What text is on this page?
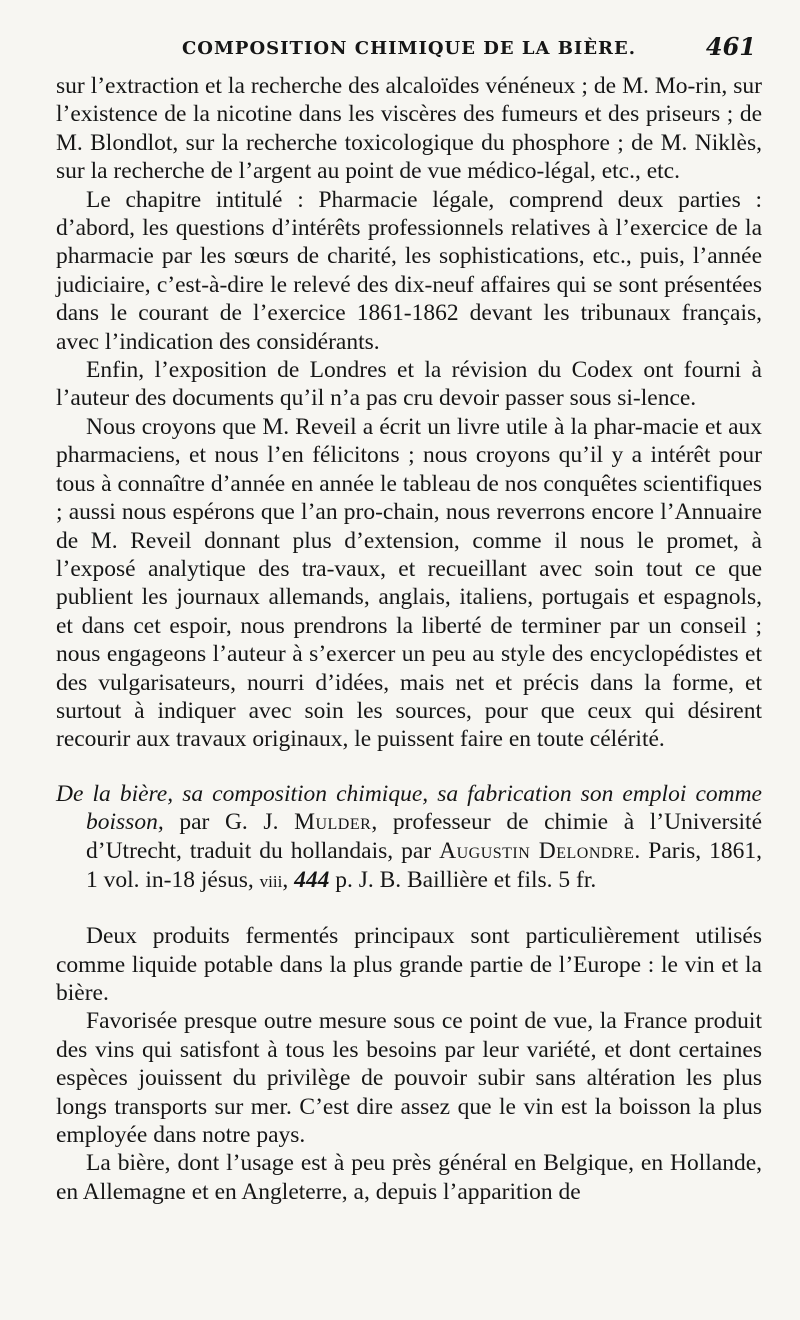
COMPOSITION CHIMIQUE DE LA BIÈRE.	461

sur l’extraction et la recherche des alcaloïdes vénéneux ; de M. Mo-rin, sur l’existence de la nicotine dans les viscères des fumeurs et des priseurs ; de M. Blondlot, sur la recherche toxicologique du phosphore ; de M. Niklès, sur la recherche de l’argent au point de vue médico-légal, etc., etc.

Le chapitre intitulé : Pharmacie légale, comprend deux parties : d’abord, les questions d’intérêts professionnels relatives à l’exercice de la pharmacie par les sœurs de charité, les sophistications, etc., puis, l’année judiciaire, c’est-à-dire le relevé des dix-neuf affaires qui se sont présentées dans le courant de l’exercice 1861-1862 devant les tribunaux français, avec l’indication des considérants.

Enfin, l’exposition de Londres et la révision du Codex ont fourni à l’auteur des documents qu’il n’a pas cru devoir passer sous si-lence.

Nous croyons que M. Reveil a écrit un livre utile à la phar-macie et aux pharmaciens, et nous l’en félicitons ; nous croyons qu’il y a intérêt pour tous à connaître d’année en année le tableau de nos conquêtes scientifiques ; aussi nous espérons que l’an pro-chain, nous reverrons encore l’Annuaire de M. Reveil donnant plus d’extension, comme il nous le promet, à l’exposé analytique des tra-vaux, et recueillant avec soin tout ce que publient les journaux allemands, anglais, italiens, portugais et espagnols, et dans cet espoir, nous prendrons la liberté de terminer par un conseil ; nous engageons l’auteur à s’exercer un peu au style des encyclopédistes et des vulgarisateurs, nourri d’idées, mais net et précis dans la forme, et surtout à indiquer avec soin les sources, pour que ceux qui désirent recourir aux travaux originaux, le puissent faire en toute célérité.

De la bière, sa composition chimique, sa fabrication son emploi comme boisson, par G. J. Mulder, professeur de chimie à l’Université d’Utrecht, traduit du hollandais, par Augustin Delondre. Paris, 1861, 1 vol. in-18 jésus, viii, 444 p. J. B. Baillière et fils. 5 fr.

Deux produits fermentés principaux sont particulièrement utilisés comme liquide potable dans la plus grande partie de l’Europe : le vin et la bière.

Favorisée presque outre mesure sous ce point de vue, la France produit des vins qui satisfont à tous les besoins par leur variété, et dont certaines espèces jouissent du privilège de pouvoir subir sans altération les plus longs transports sur mer. C’est dire assez que le vin est la boisson la plus employée dans notre pays.

La bière, dont l’usage est à peu près général en Belgique, en Hollande, en Allemagne et en Angleterre, a, depuis l’apparition de
